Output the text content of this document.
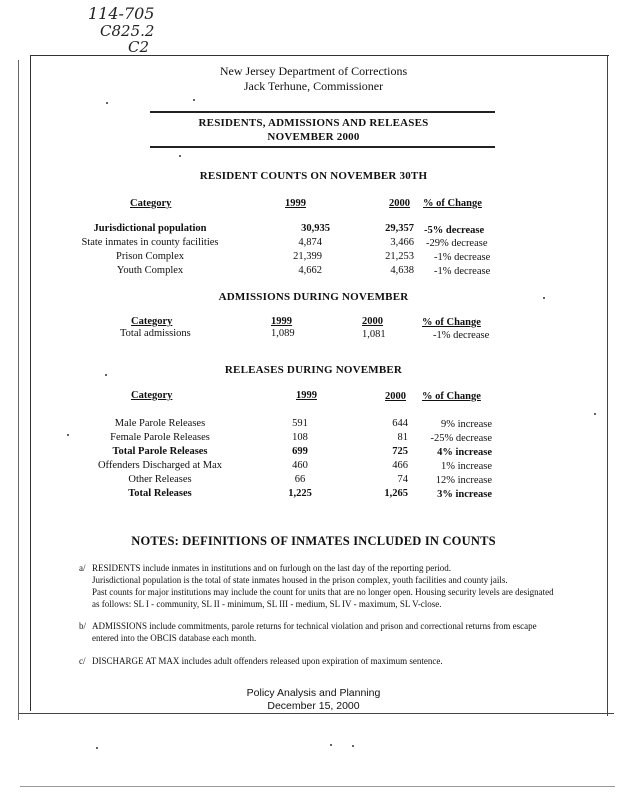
114-705
C825.2
C2
New Jersey Department of Corrections
Jack Terhune, Commissioner
RESIDENTS, ADMISSIONS AND RELEASES
NOVEMBER 2000
RESIDENT COUNTS ON NOVEMBER 30TH
Category	1999	2000 % of Change
Jurisdictional population	30,935	29,357 -5% decrease
State inmates in county facilities	4,874	3,466 -29% decrease
Prison Complex	21,399	21,253 -1% decrease
Youth Complex	4,662	4,638 -1% decrease
ADMISSIONS DURING NOVEMBER
Category	1999	2000	% of Change
Total admissions	1,089	1,081	-1% decrease
RELEASES DURING NOVEMBER
Category	1999	2000 % of Change
Male Parole Releases	591	644	9% increase
Female Parole Releases	108	81	-25% decrease
Total Parole Releases	699	725	4% increase
Offenders Discharged at Max	460	466	1% increase
Other Releases	66	74	12% increase
Total Releases	1,225	1,265	3% increase
NOTES: DEFINITIONS OF INMATES INCLUDED IN COUNTS
a/ RESIDENTS include inmates in institutions and on furlough on the last day of the reporting period.
Jurisdictional population is the total of state inmates housed in the prison complex, youth facilities and county jails.
Past counts for major institutions may include the count for units that are no longer open. Housing security levels are designated
as follows: SL I - community, SL II - minimum, SL III - medium, SL IV - maximum, SL V-close.
b/ ADMISSIONS include commitments, parole returns for technical violation and prison and correctional returns from escape
entered into the OBCIS database each month.
c/ DISCHARGE AT MAX includes adult offenders released upon expiration of maximum sentence.
Policy Analysis and Planning
December 15, 2000
